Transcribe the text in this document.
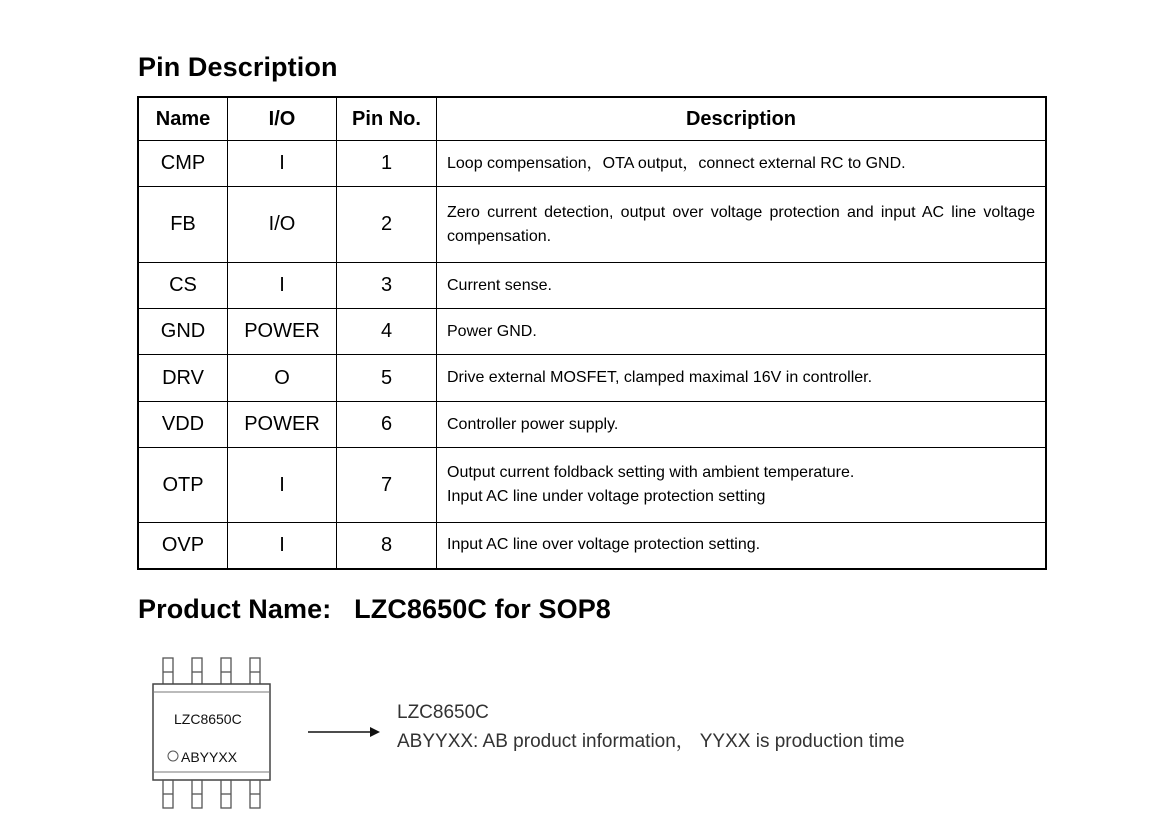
Pin Description
Name	I/O	Pin No.	Description
CMP	I	1	Loop compensation，OTA output，connect external RC to GND.
FB	I/O	2	Zero current detection, output over voltage protection and input AC line voltage compensation.
CS	I	3	Current sense.
GND	POWER	4	Power GND.
DRV	O	5	Drive external MOSFET, clamped maximal 16V in controller.
VDD	POWER	6	Controller power supply.
OTP	I	7	Output current foldback setting with ambient temperature.
Input AC line under voltage protection setting

OVP	I	8	Input AC line over voltage protection setting.
Product Name:   LZC8650C for SOP8
LZC8650C
ABYYXX
LZC8650C
ABYYXX: AB product information， YYXX is production time
